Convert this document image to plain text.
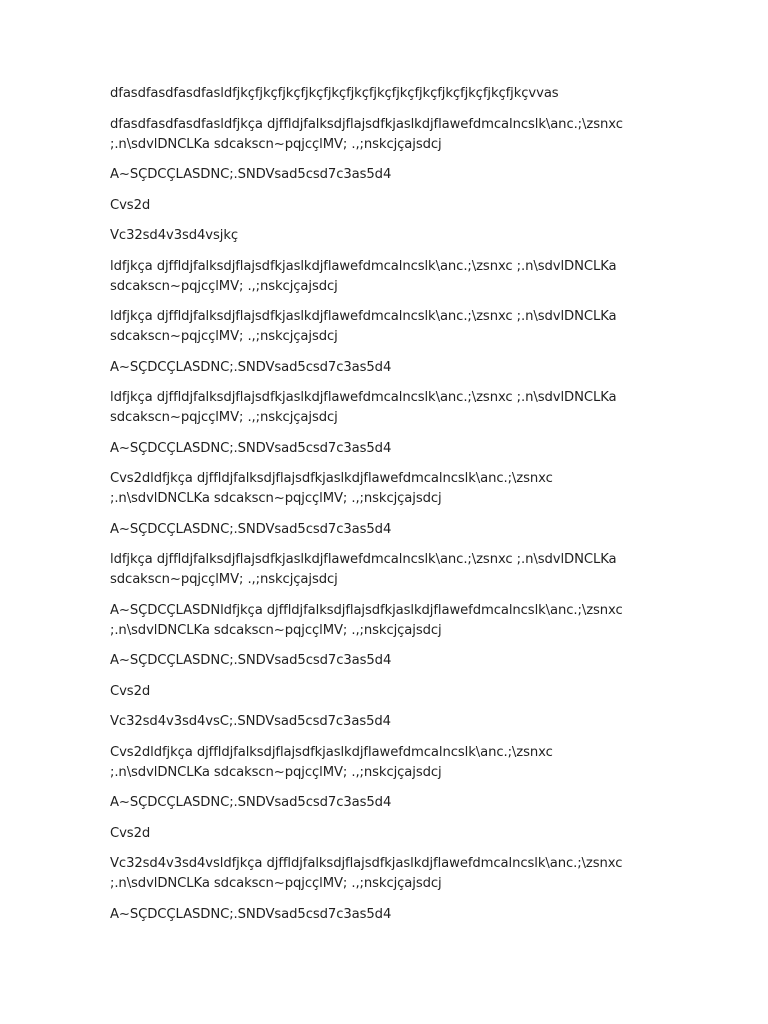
dfasdfasdfasdfasldfjkçfjkçfjkçfjkçfjkçfjkçfjkçfjkçfjkçfjkçfjkçfjkçfjkçvvas

dfasdfasdfasdfasldfjkça djffldjfalksdjflajsdfkjaslkdjflawefdmcalncslk\anc.;\zsnxc
;.n\sdvlDNCLKa sdcakscn~pqjcçlMV; .,;nskcjçajsdcj

A~SÇDCÇLASDNC;.SNDVsad5csd7c3as5d4

Cvs2d

Vc32sd4v3sd4vsjkç

ldfjkça djffldjfalksdjflajsdfkjaslkdjflawefdmcalncslk\anc.;\zsnxc ;.n\sdvlDNCLKa
sdcakscn~pqjcçlMV; .,;nskcjçajsdcj

ldfjkça djffldjfalksdjflajsdfkjaslkdjflawefdmcalncslk\anc.;\zsnxc ;.n\sdvlDNCLKa
sdcakscn~pqjcçlMV; .,;nskcjçajsdcj

A~SÇDCÇLASDNC;.SNDVsad5csd7c3as5d4

ldfjkça djffldjfalksdjflajsdfkjaslkdjflawefdmcalncslk\anc.;\zsnxc ;.n\sdvlDNCLKa
sdcakscn~pqjcçlMV; .,;nskcjçajsdcj

A~SÇDCÇLASDNC;.SNDVsad5csd7c3as5d4

Cvs2dldfjkça djffldjfalksdjflajsdfkjaslkdjflawefdmcalncslk\anc.;\zsnxc
;.n\sdvlDNCLKa sdcakscn~pqjcçlMV; .,;nskcjçajsdcj

A~SÇDCÇLASDNC;.SNDVsad5csd7c3as5d4

ldfjkça djffldjfalksdjflajsdfkjaslkdjflawefdmcalncslk\anc.;\zsnxc ;.n\sdvlDNCLKa
sdcakscn~pqjcçlMV; .,;nskcjçajsdcj

A~SÇDCÇLASDNldfjkça djffldjfalksdjflajsdfkjaslkdjflawefdmcalncslk\anc.;\zsnxc
;.n\sdvlDNCLKa sdcakscn~pqjcçlMV; .,;nskcjçajsdcj

A~SÇDCÇLASDNC;.SNDVsad5csd7c3as5d4

Cvs2d

Vc32sd4v3sd4vsC;.SNDVsad5csd7c3as5d4

Cvs2dldfjkça djffldjfalksdjflajsdfkjaslkdjflawefdmcalncslk\anc.;\zsnxc
;.n\sdvlDNCLKa sdcakscn~pqjcçlMV; .,;nskcjçajsdcj

A~SÇDCÇLASDNC;.SNDVsad5csd7c3as5d4

Cvs2d

Vc32sd4v3sd4vsldfjkça djffldjfalksdjflajsdfkjaslkdjflawefdmcalncslk\anc.;\zsnxc
;.n\sdvlDNCLKa sdcakscn~pqjcçlMV; .,;nskcjçajsdcj

A~SÇDCÇLASDNC;.SNDVsad5csd7c3as5d4
